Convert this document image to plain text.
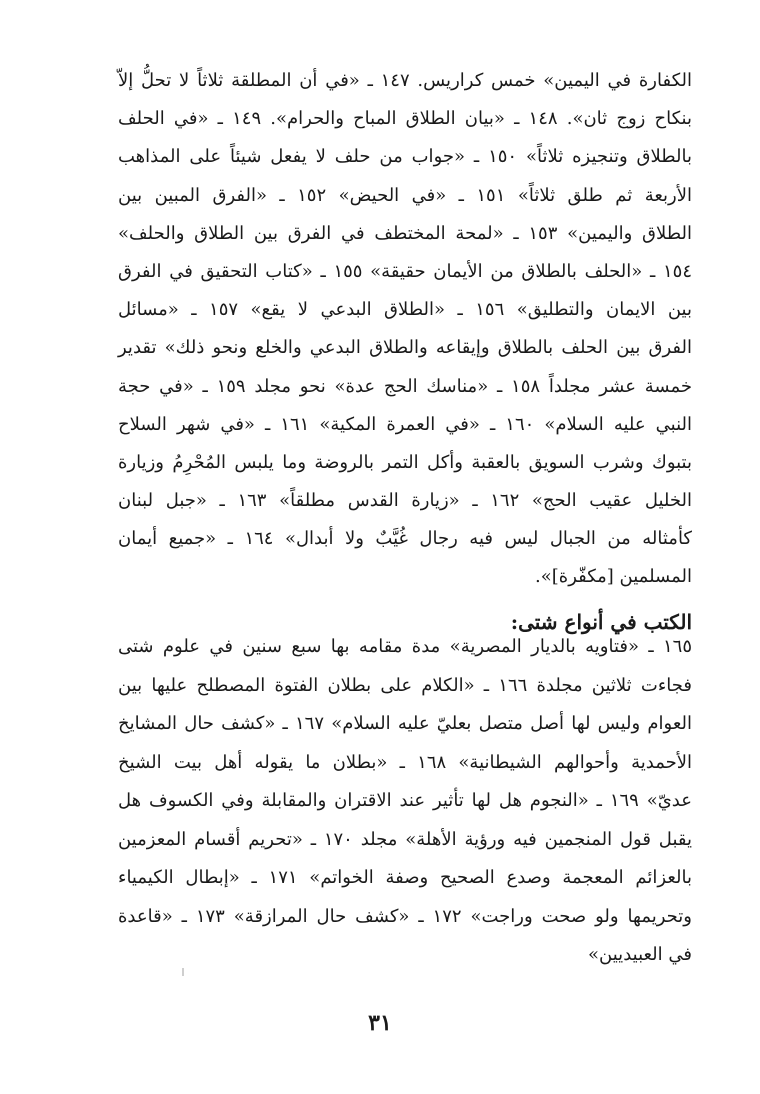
الكفارة في اليمين» خمس كراريس. ١٤٧ ـ «في أن المطلقة ثلاثاً لا تحلُّ إلاّ
بنكاح زوج ثان». ١٤٨ ـ «بيان الطلاق المباح والحرام». ١٤٩ ـ «في الحلف
بالطلاق وتنجيزه ثلاثاً» ١٥٠ ـ «جواب من حلف لا يفعل شيئاً على المذاهب
الأربعة ثم طلق ثلاثاً» ١٥١ ـ «في الحيض» ١٥٢ ـ «الفرق المبين بين
الطلاق واليمين» ١٥٣ ـ «لمحة المختطف في الفرق بين الطلاق والحلف»
١٥٤ ـ «الحلف بالطلاق من الأيمان حقيقة» ١٥٥ ـ «كتاب التحقيق في الفرق
بين الايمان والتطليق» ١٥٦ ـ «الطلاق البدعي لا يقع» ١٥٧ ـ «مسائل
الفرق بين الحلف بالطلاق وإيقاعه والطلاق البدعي والخلع ونحو ذلك» تقدير
خمسة عشر مجلداً ١٥٨ ـ «مناسك الحج عدة» نحو مجلد ١٥٩ ـ «في حجة
النبي عليه السلام» ١٦٠ ـ «في العمرة المكية» ١٦١ ـ «في شهر السلاح
بتبوك وشرب السويق بالعقبة وأكل التمر بالروضة وما يلبس المُحْرِمُ وزيارة
الخليل عقيب الحج» ١٦٢ ـ «زيارة القدس مطلقاً» ١٦٣ ـ «جبل لبنان
كأمثاله من الجبال ليس فيه رجال غُيَّبٌ ولا أبدال» ١٦٤ ـ «جميع أيمان
المسلمين [مكفّرة]».
الكتب في أنواع شتى:
١٦٥ ـ «فتاويه بالديار المصرية» مدة مقامه بها سبع سنين في علوم شتى
فجاءت ثلاثين مجلدة ١٦٦ ـ «الكلام على بطلان الفتوة المصطلح عليها بين
العوام وليس لها أصل متصل بعليّ عليه السلام» ١٦٧ ـ «كشف حال المشايخ
الأحمدية وأحوالهم الشيطانية» ١٦٨ ـ «بطلان ما يقوله أهل بيت الشيخ
عديّ» ١٦٩ ـ «النجوم هل لها تأثير عند الاقتران والمقابلة وفي الكسوف هل
يقبل قول المنجمين فيه ورؤية الأهلة» مجلد ١٧٠ ـ «تحريم أقسام المعزمين
بالعزائم المعجمة وصدع الصحيح وصفة الخواتم» ١٧١ ـ «إبطال الكيمياء
وتحريمها ولو صحت وراجت» ١٧٢ ـ «كشف حال المرازقة» ١٧٣ ـ «قاعدة
في العبيديين»
٣١
